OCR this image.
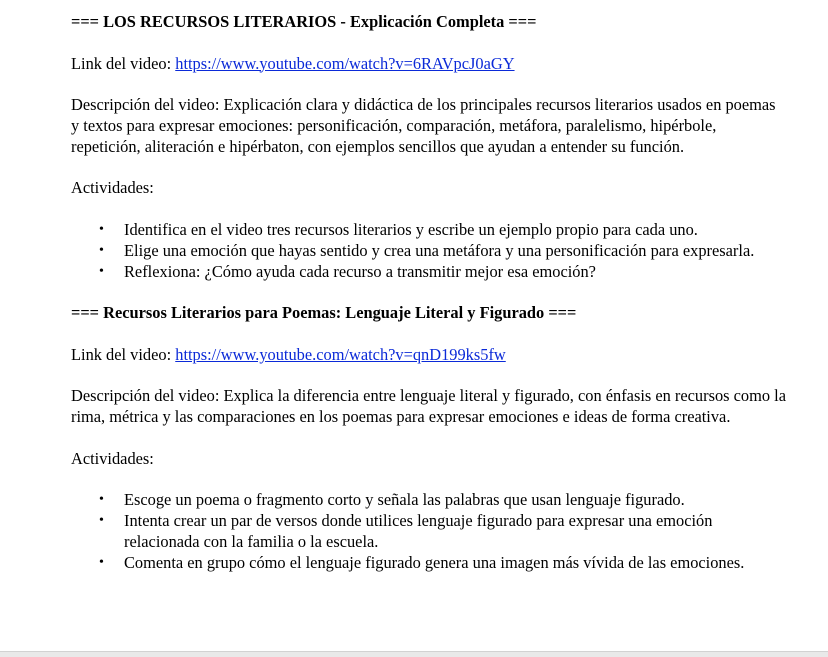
=== LOS RECURSOS LITERARIOS - Explicación Completa ===

Link del video: https://www.youtube.com/watch?v=6RAVpcJ0aGY

Descripción del video: Explicación clara y didáctica de los principales recursos literarios usados en poemas y textos para expresar emociones: personificación, comparación, metáfora, paralelismo, hipérbole, repetición, aliteración e hipérbaton, con ejemplos sencillos que ayudan a entender su función.

Actividades:

• Identifica en el video tres recursos literarios y escribe un ejemplo propio para cada uno.
• Elige una emoción que hayas sentido y crea una metáfora y una personificación para expresarla.
• Reflexiona: ¿Cómo ayuda cada recurso a transmitir mejor esa emoción?

=== Recursos Literarios para Poemas: Lenguaje Literal y Figurado ===

Link del video: https://www.youtube.com/watch?v=qnD199ks5fw

Descripción del video: Explica la diferencia entre lenguaje literal y figurado, con énfasis en recursos como la rima, métrica y las comparaciones en los poemas para expresar emociones e ideas de forma creativa.

Actividades:

• Escoge un poema o fragmento corto y señala las palabras que usan lenguaje figurado.
• Intenta crear un par de versos donde utilices lenguaje figurado para expresar una emoción relacionada con la familia o la escuela.
• Comenta en grupo cómo el lenguaje figurado genera una imagen más vívida de las emociones.
